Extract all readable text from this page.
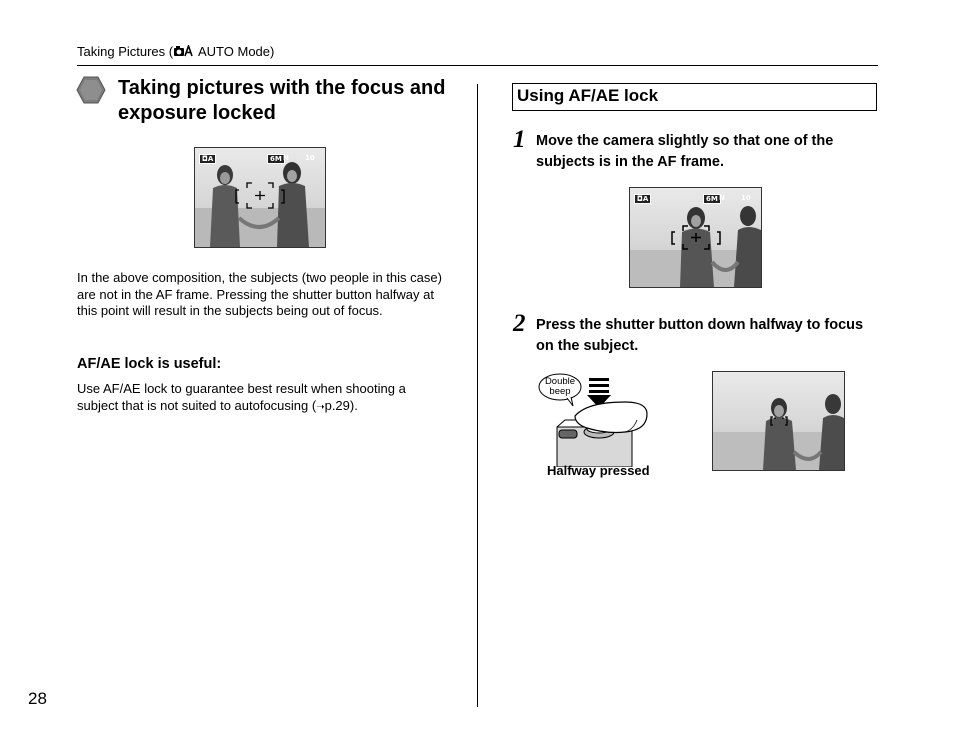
Taking Pictures ( AUTO Mode)
Taking pictures with the focus and exposure locked
◘A	6M N 10
In the above composition, the subjects (two people in this case) are not in the AF frame. Pressing the shutter button halfway at this point will result in the subjects being out of focus.
AF/AE lock is useful:
Use AF/AE lock to guarantee best result when shooting a subject that is not suited to autofocusing (➝p.29).
28
Using AF/AE lock
1 Move the camera slightly so that one of the subjects is in the AF frame.
◘A	6M N 10
2 Press the shutter button down halfway to focus on the subject.
Double beep
Halfway pressed
